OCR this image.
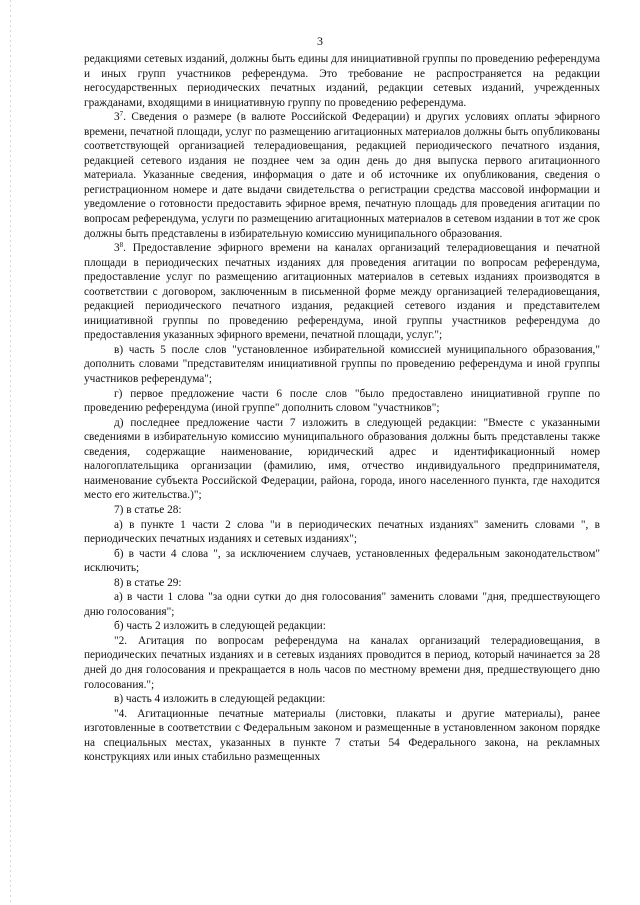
3

редакциями сетевых изданий, должны быть едины для инициативной группы по проведению референдума и иных групп участников референдума. Это требование не распространяется на редакции негосударственных периодических печатных изданий, редакции сетевых изданий, учрежденных гражданами, входящими в инициативную группу по проведению референдума.

$3^7$. Сведения о размере (в валюте Российской Федерации) и других условиях оплаты эфирного времени, печатной площади, услуг по размещению агитационных материалов должны быть опубликованы соответствующей организацией телерадиовещания, редакцией периодического печатного издания, редакцией сетевого издания не позднее чем за один день до дня выпуска первого агитационного материала. Указанные сведения, информация о дате и об источнике их опубликования, сведения о регистрационном номере и дате выдачи свидетельства о регистрации средства массовой информации и уведомление о готовности предоставить эфирное время, печатную площадь для проведения агитации по вопросам референдума, услуги по размещению агитационных материалов в сетевом издании в тот же срок должны быть представлены в избирательную комиссию муниципального образования.

$3^8$. Предоставление эфирного времени на каналах организаций телерадиовещания и печатной площади в периодических печатных изданиях для проведения агитации по вопросам референдума, предоставление услуг по размещению агитационных материалов в сетевых изданиях производятся в соответствии с договором, заключенным в письменной форме между организацией телерадиовещания, редакцией периодического печатного издания, редакцией сетевого издания и представителем инициативной группы по проведению референдума, иной группы участников референдума до предоставления указанных эфирного времени, печатной площади, услуг.";

в) часть 5 после слов "установленное избирательной комиссией муниципального образования," дополнить словами "представителям инициативной группы по проведению референдума и иной группы участников референдума";

г) первое предложение части 6 после слов "было предоставлено инициативной группе по проведению референдума (иной группе" дополнить словом "участников";

д) последнее предложение части 7 изложить в следующей редакции: "Вместе с указанными сведениями в избирательную комиссию муниципального образования должны быть представлены также сведения, содержащие наименование, юридический адрес и идентификационный номер налогоплательщика организации (фамилию, имя, отчество индивидуального предпринимателя, наименование субъекта Российской Федерации, района, города, иного населенного пункта, где находится место его жительства.)";

7) в статье 28:

а) в пункте 1 части 2 слова "и в периодических печатных изданиях" заменить словами ", в периодических печатных изданиях и сетевых изданиях";

б) в части 4 слова ", за исключением случаев, установленных федеральным законодательством" исключить;

8) в статье 29:

а) в части 1 слова "за одни сутки до дня голосования" заменить словами "дня, предшествующего дню голосования";

б) часть 2 изложить в следующей редакции:

"2. Агитация по вопросам референдума на каналах организаций телерадиовещания, в периодических печатных изданиях и в сетевых изданиях проводится в период, который начинается за 28 дней до дня голосования и прекращается в ноль часов по местному времени дня, предшествующего дню голосования.";

в) часть 4 изложить в следующей редакции:

"4. Агитационные печатные материалы (листовки, плакаты и другие материалы), ранее изготовленные в соответствии с Федеральным законом и размещенные в установленном законом порядке на специальных местах, указанных в пункте 7 статьи 54 Федерального закона, на рекламных конструкциях или иных стабильно размещенных
